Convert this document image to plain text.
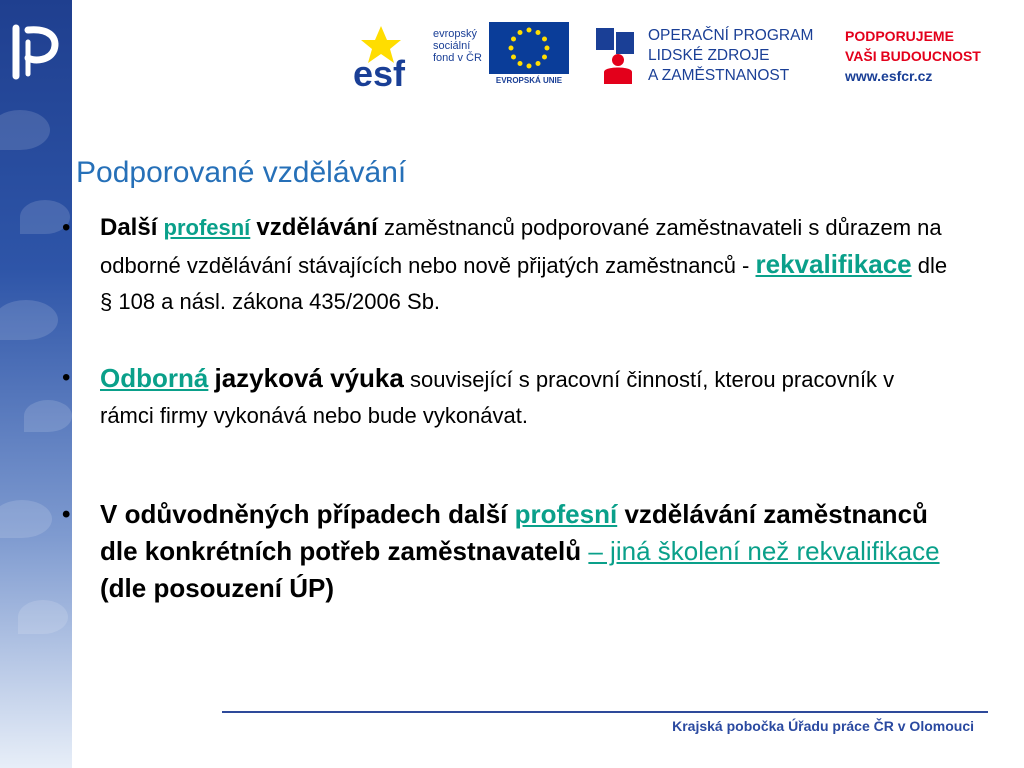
esf
evropský
sociální
fond v ČR
EVROPSKÁ UNIE
OPERAČNÍ PROGRAM
LIDSKÉ ZDROJE
A ZAMĚSTNANOST
PODPORUJEME
VAŠI BUDOUCNOST
www.esfcr.cz
Podporované vzdělávání
• Další profesní vzdělávání zaměstnanců podporované zaměstnavateli s důrazem na odborné vzdělávání stávajících nebo nově přijatých zaměstnanců - rekvalifikace dle § 108 a násl. zákona 435/2006 Sb.
• Odborná jazyková výuka související s pracovní činností, kterou pracovník v rámci firmy vykonává nebo bude vykonávat.
• V odůvodněných případech další profesní vzdělávání zaměstnanců dle konkrétních potřeb zaměstnavatelů – jiná školení než rekvalifikace (dle posouzení ÚP)
Krajská pobočka Úřadu práce ČR v Olomouci
